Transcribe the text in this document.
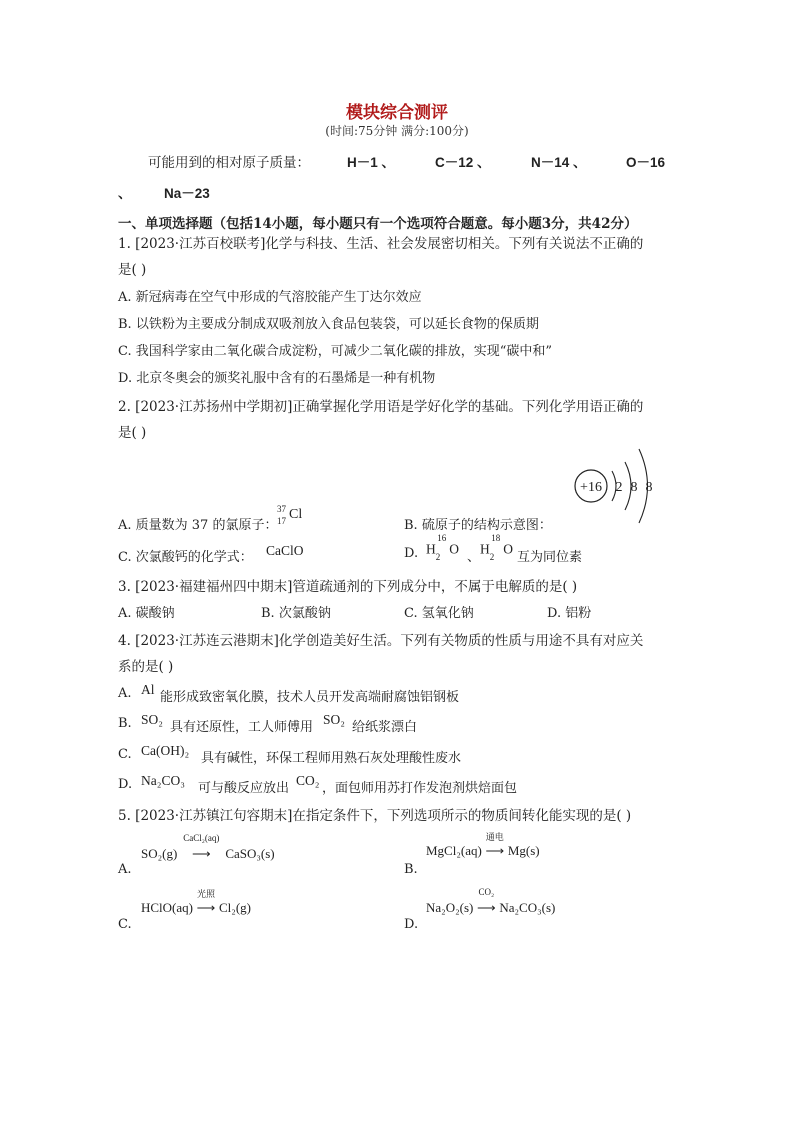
模块综合测评
(时间:75分钟 满分:100分)
可能用到的相对原子质量：	H－1 、	C－12 、	N－14 、	O－16
、 Na－23
一、单项选择题（包括14小题，每小题只有一个选项符合题意。每小题3分，共42分）
1. [2023·江苏百校联考]化学与科技、生活、社会发展密切相关。下列有关说法不正确的
是( )
A. 新冠病毒在空气中形成的气溶胶能产生丁达尔效应
B. 以铁粉为主要成分制成双吸剂放入食品包装袋，可以延长食物的保质期
C. 我国科学家由二氧化碳合成淀粉，可减少二氧化碳的排放，实现“碳中和”
D. 北京冬奥会的颁奖礼服中含有的石墨烯是一种有机物
2. [2023·江苏扬州中学期初]正确掌握化学用语是学好化学的基础。下列化学用语正确的
是( )
+16 2 8 8
A. 质量数为 37 的氯原子：
37
17 Cl
B. 硫原子的结构示意图：
C. 次氯酸钙的化学式： CaClO	D. $H_2^{16}O$
、
$H_2^{18}O$
互为同位素
3. [2023·福建福州四中期末]管道疏通剂的下列成分中，不属于电解质的是( )
A. 碳酸钠	B. 次氯酸钠	C. 氢氧化钠	D. 铝粉
4. [2023·江苏连云港期末]化学创造美好生活。下列有关物质的性质与用途不具有对应关
系的是( )
A. Al
能形成致密氧化膜，技术人员开发高端耐腐蚀铝钢板
B. SO₂
具有还原性，工人师傅用
SO₂
给纸浆漂白
C. Ca(OH)₂
具有碱性，环保工程师用熟石灰处理酸性废水
D. Na₂CO₃
可与酸反应放出
CO₂
，面包师用苏打作发泡剂烘焙面包
5. [2023·江苏镇江句容期末]在指定条件下，下列选项所示的物质间转化能实现的是( )
SO₂(g)
CaCl₂(aq)
⟶ CaSO₃(s)
A.
MgCl₂(aq)
通电
⟶ Mg(s)
B.
HClO(aq)
光照
⟶ Cl₂(g)
C.
Na₂O₂(s)
CO₂
⟶ Na₂CO₃(s)
D.
